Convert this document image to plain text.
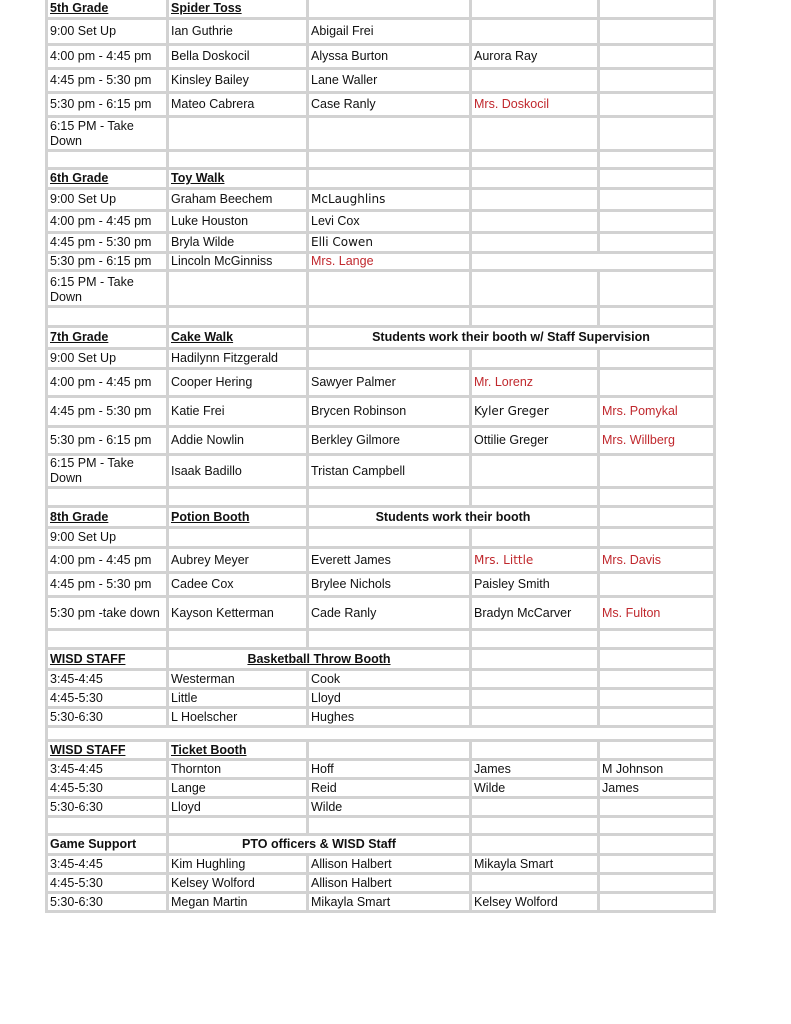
5th Grade	Spider Toss			
9:00 Set Up	Ian Guthrie	Abigail Frei		
4:00 pm - 4:45 pm	Bella Doskocil	Alyssa Burton	Aurora Ray	
4:45 pm - 5:30 pm	Kinsley Bailey	Lane Waller		
5:30 pm - 6:15 pm	Mateo Cabrera	Case Ranly	Mrs. Doskocil	
6:15 PM - Take Down				

6th Grade	Toy Walk			
9:00 Set Up	Graham Beechem	McLaughlins		
4:00 pm - 4:45 pm	Luke Houston	Levi Cox		
4:45 pm - 5:30 pm	Bryla Wilde	Elli Cowen		
5:30 pm - 6:15 pm	Lincoln McGinniss	Mrs. Lange		
6:15 PM - Take Down				

7th Grade	Cake Walk	Students work their booth w/ Staff Supervision		
9:00 Set Up	Hadilynn Fitzgerald			
4:00 pm - 4:45 pm	Cooper Hering	Sawyer Palmer	Mr. Lorenz	
4:45 pm - 5:30 pm	Katie Frei	Brycen Robinson	Kyler Greger	Mrs. Pomykal
5:30 pm - 6:15 pm	Addie Nowlin	Berkley Gilmore	Ottilie Greger	Mrs. Willberg
6:15 PM - Take Down	Isaak Badillo	Tristan Campbell		

8th Grade	Potion Booth	Students work their booth		
9:00 Set Up				
4:00 pm - 4:45 pm	Aubrey Meyer	Everett James	Mrs. Little	Mrs. Davis
4:45 pm - 5:30 pm	Cadee Cox	Brylee Nichols	Paisley Smith	
5:30 pm -take down	Kayson Ketterman	Cade Ranly	Bradyn McCarver	Ms. Fulton

WISD STAFF	Basketball Throw Booth			
3:45-4:45	Westerman	Cook		
4:45-5:30	Little	Lloyd		
5:30-6:30	L Hoelscher	Hughes		

WISD STAFF	Ticket Booth			
3:45-4:45	Thornton	Hoff	James	M Johnson
4:45-5:30	Lange	Reid	Wilde	James
5:30-6:30	Lloyd	Wilde		

Game Support	PTO officers & WISD Staff			
3:45-4:45	Kim Hughling	Allison Halbert	Mikayla Smart	
4:45-5:30	Kelsey Wolford	Allison Halbert		
5:30-6:30	Megan Martin	Mikayla Smart	Kelsey Wolford	
